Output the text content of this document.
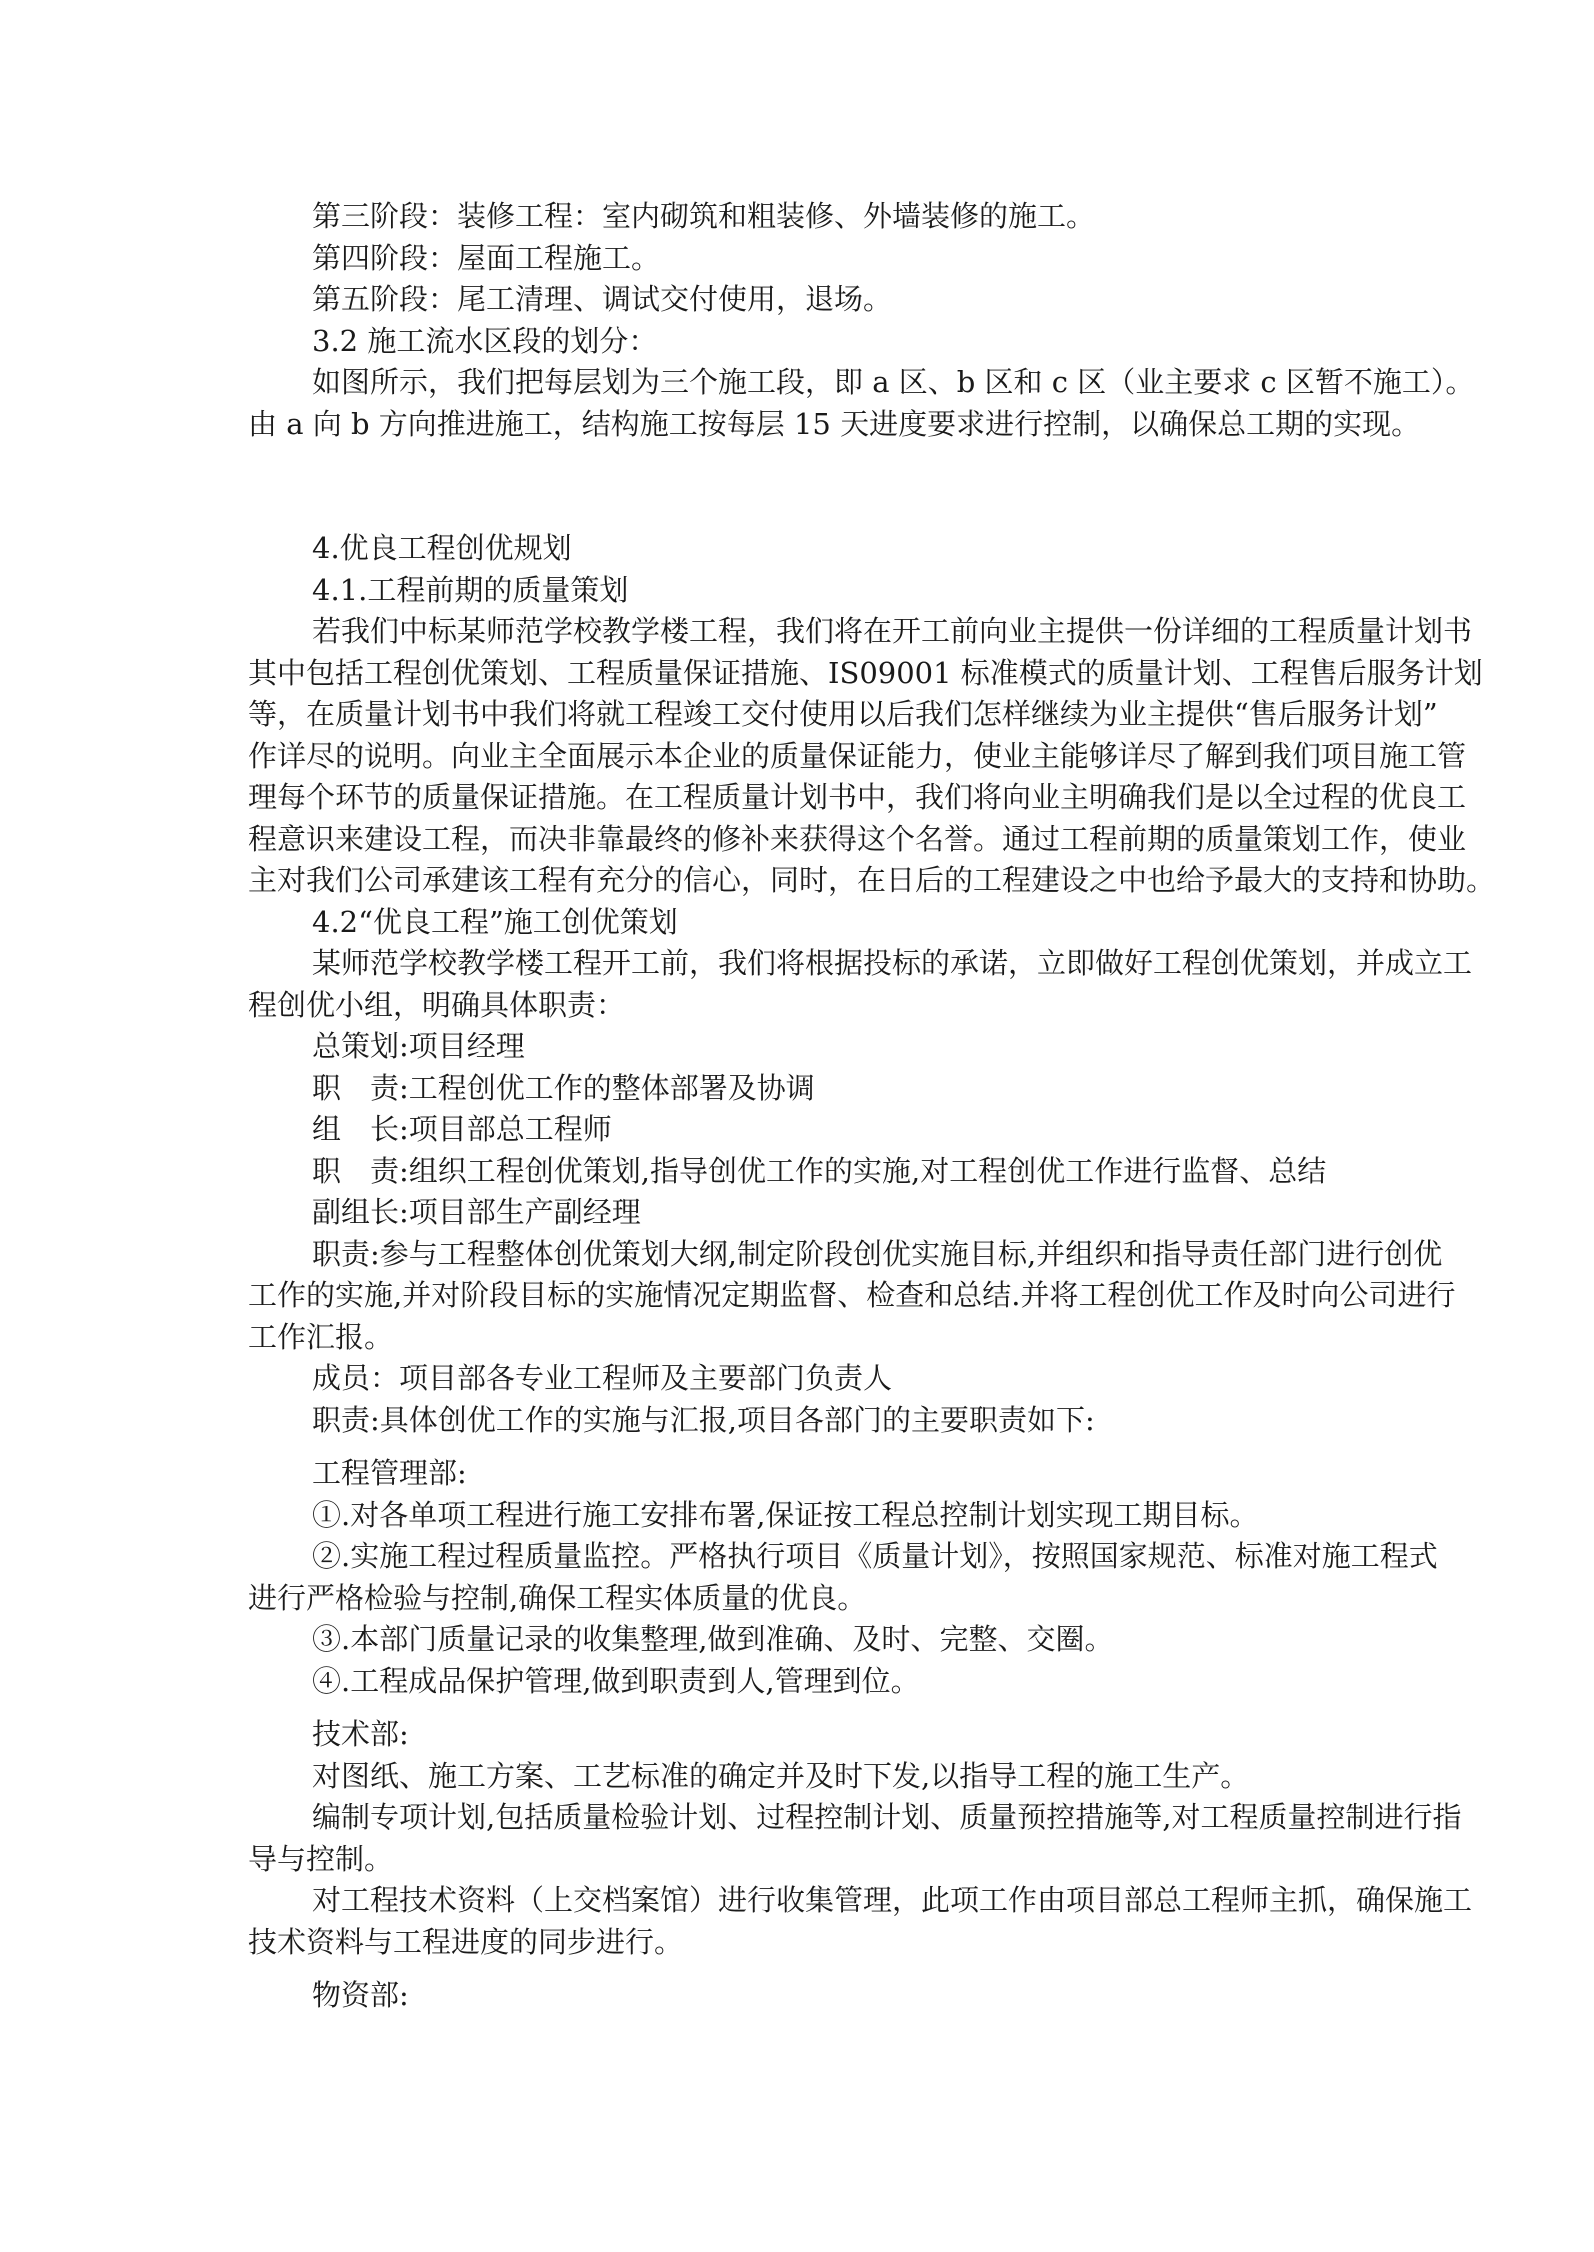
第三阶段：装修工程：室内砌筑和粗装修、外墙装修的施工。
第四阶段：屋面工程施工。
第五阶段：尾工清理、调试交付使用，退场。
3.2 施工流水区段的划分：
如图所示，我们把每层划为三个施工段，即 a 区、b 区和 c 区（业主要求 c 区暂不施工）。
由 a 向 b 方向推进施工，结构施工按每层 15 天进度要求进行控制，以确保总工期的实现。
4.优良工程创优规划
4.1.工程前期的质量策划
若我们中标某师范学校教学楼工程，我们将在开工前向业主提供一份详细的工程质量计划书
其中包括工程创优策划、工程质量保证措施、IS09001 标准模式的质量计划、工程售后服务计划
等，在质量计划书中我们将就工程竣工交付使用以后我们怎样继续为业主提供“售后服务计划”
作详尽的说明。向业主全面展示本企业的质量保证能力，使业主能够详尽了解到我们项目施工管
理每个环节的质量保证措施。在工程质量计划书中，我们将向业主明确我们是以全过程的优良工
程意识来建设工程，而决非靠最终的修补来获得这个名誉。通过工程前期的质量策划工作，使业
主对我们公司承建该工程有充分的信心，同时，在日后的工程建设之中也给予最大的支持和协助。
4.2“优良工程”施工创优策划
某师范学校教学楼工程开工前，我们将根据投标的承诺，立即做好工程创优策划，并成立工
程创优小组，明确具体职责：
总策划:项目经理
职　责:工程创优工作的整体部署及协调
组　长:项目部总工程师
职　责:组织工程创优策划,指导创优工作的实施,对工程创优工作进行监督、总结
副组长:项目部生产副经理
职责:参与工程整体创优策划大纲,制定阶段创优实施目标,并组织和指导责任部门进行创优
工作的实施,并对阶段目标的实施情况定期监督、检查和总结.并将工程创优工作及时向公司进行
工作汇报。
成员：项目部各专业工程师及主要部门负责人
职责:具体创优工作的实施与汇报,项目各部门的主要职责如下:
工程管理部:
①.对各单项工程进行施工安排布署,保证按工程总控制计划实现工期目标。
②.实施工程过程质量监控。严格执行项目《质量计划》，按照国家规范、标准对施工程式
进行严格检验与控制,确保工程实体质量的优良。
③.本部门质量记录的收集整理,做到准确、及时、完整、交圈。
④.工程成品保护管理,做到职责到人,管理到位。
技术部:
对图纸、施工方案、工艺标准的确定并及时下发,以指导工程的施工生产。
编制专项计划,包括质量检验计划、过程控制计划、质量预控措施等,对工程质量控制进行指
导与控制。
对工程技术资料（上交档案馆）进行收集管理，此项工作由项目部总工程师主抓，确保施工
技术资料与工程进度的同步进行。
物资部:
